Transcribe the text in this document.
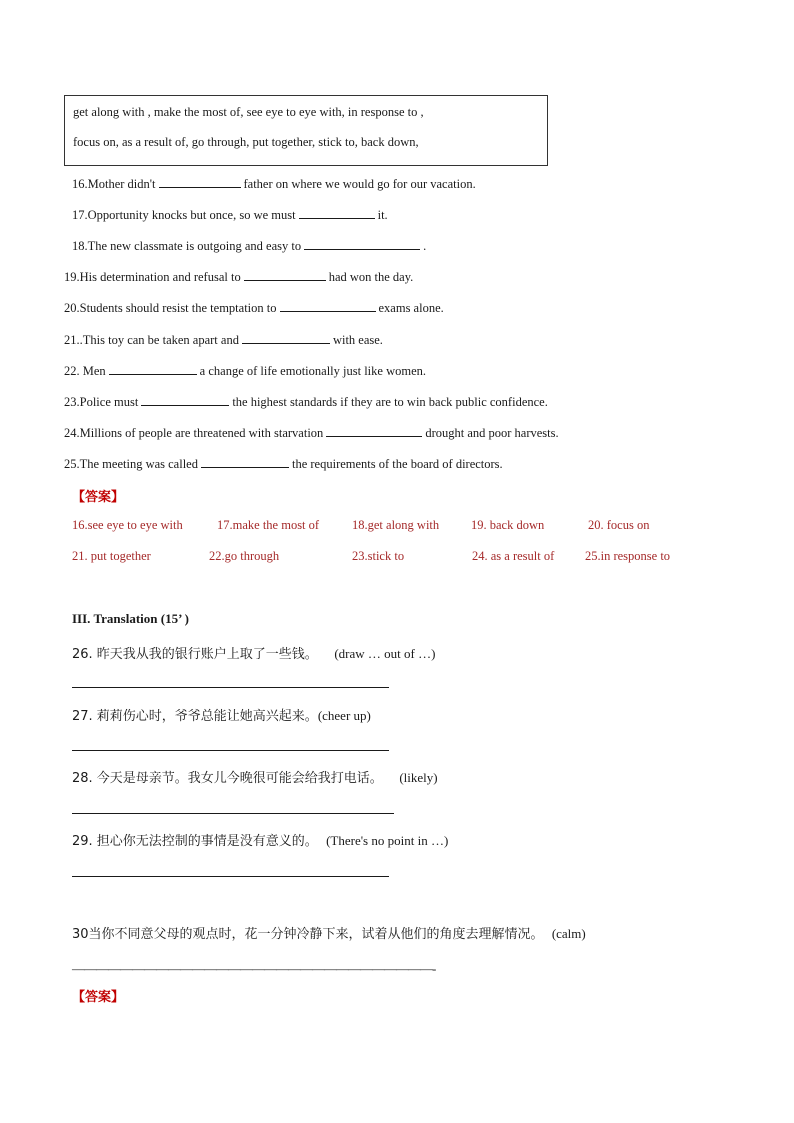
get along with , make the most of, see eye to eye with, in response to ,
focus on, as a result of, go through, put together, stick to, back down,
16.Mother didn't	father on where we would go for our vacation.
17.Opportunity knocks but once, so we must	it.
18.The new classmate is outgoing and easy to	.
19.His determination and refusal to	had won the day.
20.Students should resist the temptation to	exams alone.
21..This toy can be taken apart and	with ease.
22. Men	a change of life emotionally just like women.
23.Police must	the highest standards if they are to win back public confidence.
24.Millions of people are threatened with starvation	drought and poor harvests.
25.The meeting was called	the requirements of the board of directors.
【答案】
16.see eye to eye with	17.make the most of	18.get along with	19. back down	20. focus on
21. put together	22.go through	23.stick to	24. as a result of 25.in response to
III. Translation (15’ )
26. 昨天我从我的银行账户上取了一些钱。 (draw … out of …)
27. 莉莉伤心时，爷爷总能让她高兴起来。(cheer up)
28. 今天是母亲节。我女儿今晚很可能会给我打电话。 (likely)
29. 担心你无法控制的事情是没有意义的。 (There's no point in …)
30当你不同意父母的观点时，花一分钟冷静下来，试着从他们的角度去理解情况。 (calm)
——————————————————————————————-
【答案】
